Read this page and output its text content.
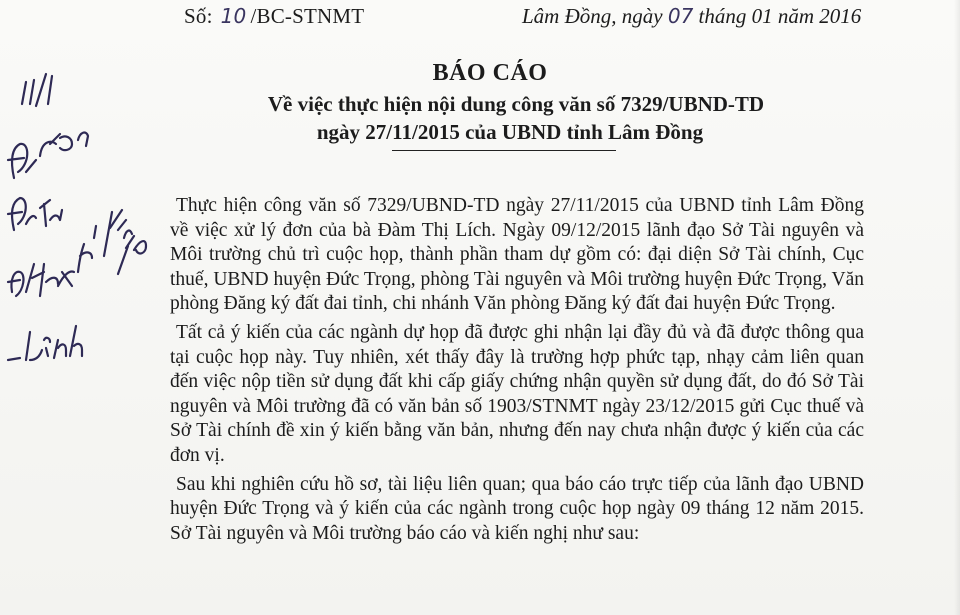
Số: 10 /BC-STNMT	Lâm Đồng, ngày 07 tháng 01 năm 2016
BÁO CÁO
Về việc thực hiện nội dung công văn số 7329/UBND-TD
ngày 27/11/2015 của UBND tỉnh Lâm Đồng

Thực hiện công văn số 7329/UBND-TD ngày 27/11/2015 của UBND tỉnh Lâm Đồng về việc xử lý đơn của bà Đàm Thị Lích. Ngày 09/12/2015 lãnh đạo Sở Tài nguyên và Môi trường chủ trì cuộc họp, thành phần tham dự gồm có: đại diện Sở Tài chính, Cục thuế, UBND huyện Đức Trọng, phòng Tài nguyên và Môi trường huyện Đức Trọng, Văn phòng Đăng ký đất đai tỉnh, chi nhánh Văn phòng Đăng ký đất đai huyện Đức Trọng.

Tất cả ý kiến của các ngành dự họp đã được ghi nhận lại đầy đủ và đã được thông qua tại cuộc họp này. Tuy nhiên, xét thấy đây là trường hợp phức tạp, nhạy cảm liên quan đến việc nộp tiền sử dụng đất khi cấp giấy chứng nhận quyền sử dụng đất, do đó Sở Tài nguyên và Môi trường đã có văn bản số 1903/STNMT ngày 23/12/2015 gửi Cục thuế và Sở Tài chính đề xin ý kiến bằng văn bản, nhưng đến nay chưa nhận được ý kiến của các đơn vị.

Sau khi nghiên cứu hồ sơ, tài liệu liên quan; qua báo cáo trực tiếp của lãnh đạo UBND huyện Đức Trọng và ý kiến của các ngành trong cuộc họp ngày 09 tháng 12 năm 2015. Sở Tài nguyên và Môi trường báo cáo và kiến nghị như sau:
